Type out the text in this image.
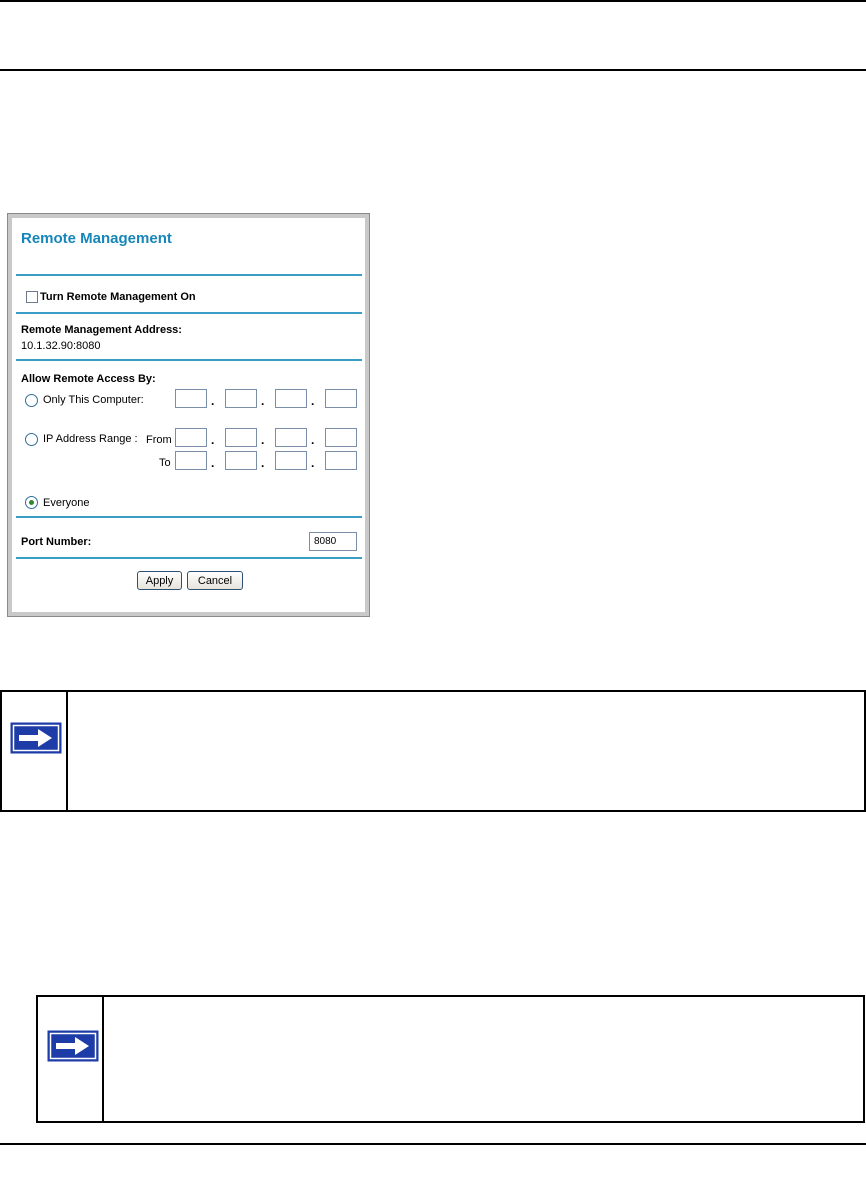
Remote Management
Turn Remote Management On
Remote Management Address:
10.1.32.90:8080
Allow Remote Access By:
Only This Computer:	.	.	.
IP Address Range : From	.	.	.
To	.	.	.
Everyone
Port Number:	8080
Apply	Cancel
